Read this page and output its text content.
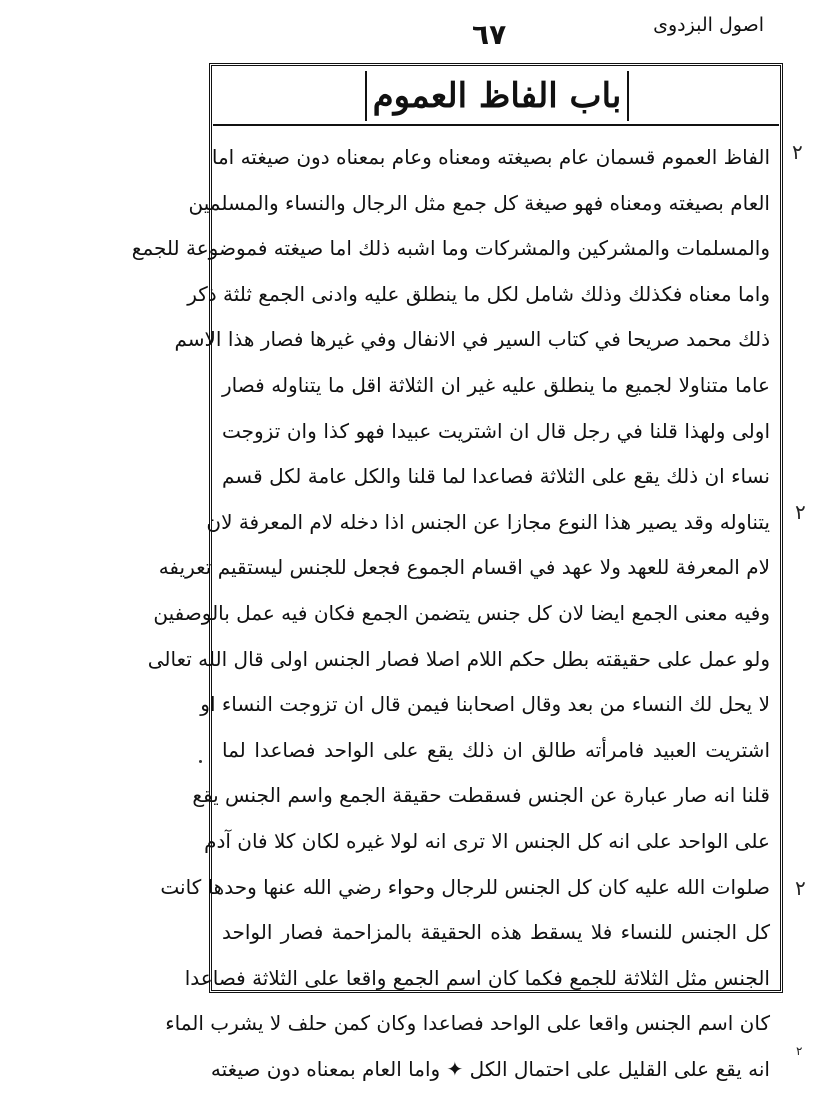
اصول البزدوی
٦٧
باب الفاظ العموم
الفاظ العموم قسمان عام بصيغته ومعناه وعام بمعناه دون صيغته اما
العام بصيغته ومعناه فهو صيغة كل جمع مثل الرجال والنساء والمسلمين
والمسلمات والمشركين والمشركات وما اشبه ذلك اما صيغته فموضوعة للجمع
واما معناه فكذلك وذلك شامل لكل ما ينطلق عليه وادنى الجمع ثلثة ذكر
ذلك محمد صريحا في كتاب السير في الانفال وفي غيرها فصار هذا الاسم
عاما متناولا لجميع ما ينطلق عليه غير ان الثلاثة اقل ما يتناوله فصار
اولى ولهذا قلنا في رجل قال ان اشتريت عبيدا فهو كذا وان تزوجت
نساء ان ذلك يقع على الثلاثة فصاعدا لما قلنا والكل عامة لكل قسم
يتناوله وقد يصير هذا النوع مجازا عن الجنس اذا دخله لام المعرفة لان
لام المعرفة للعهد ولا عهد في اقسام الجموع فجعل للجنس ليستقيم تعريفه
وفيه معنى الجمع ايضا لان كل جنس يتضمن الجمع فكان فيه عمل بالوصفين
ولو عمل على حقيقته بطل حكم اللام اصلا فصار الجنس اولى قال الله تعالى
لا يحل لك النساء من بعد وقال اصحابنا فيمن قال ان تزوجت النساء او
اشتريت العبيد فامرأته طالق ان ذلك يقع على الواحد فصاعدا لما
قلنا انه صار عبارة عن الجنس فسقطت حقيقة الجمع واسم الجنس يقع
على الواحد على انه كل الجنس الا ترى انه لولا غيره لكان كلا فان آدم
صلوات الله عليه كان كل الجنس للرجال وحواء رضي الله عنها وحدها كانت
كل الجنس للنساء فلا يسقط هذه الحقيقة بالمزاحمة فصار الواحد
الجنس مثل الثلاثة للجمع فكما كان اسم الجمع واقعا على الثلاثة فصاعدا
كان اسم الجنس واقعا على الواحد فصاعدا وكان كمن حلف لا يشرب الماء
انه يقع على القليل على احتمال الكل ✦ واما العام بمعناه دون صيغته
٢
٢
٢
٢
